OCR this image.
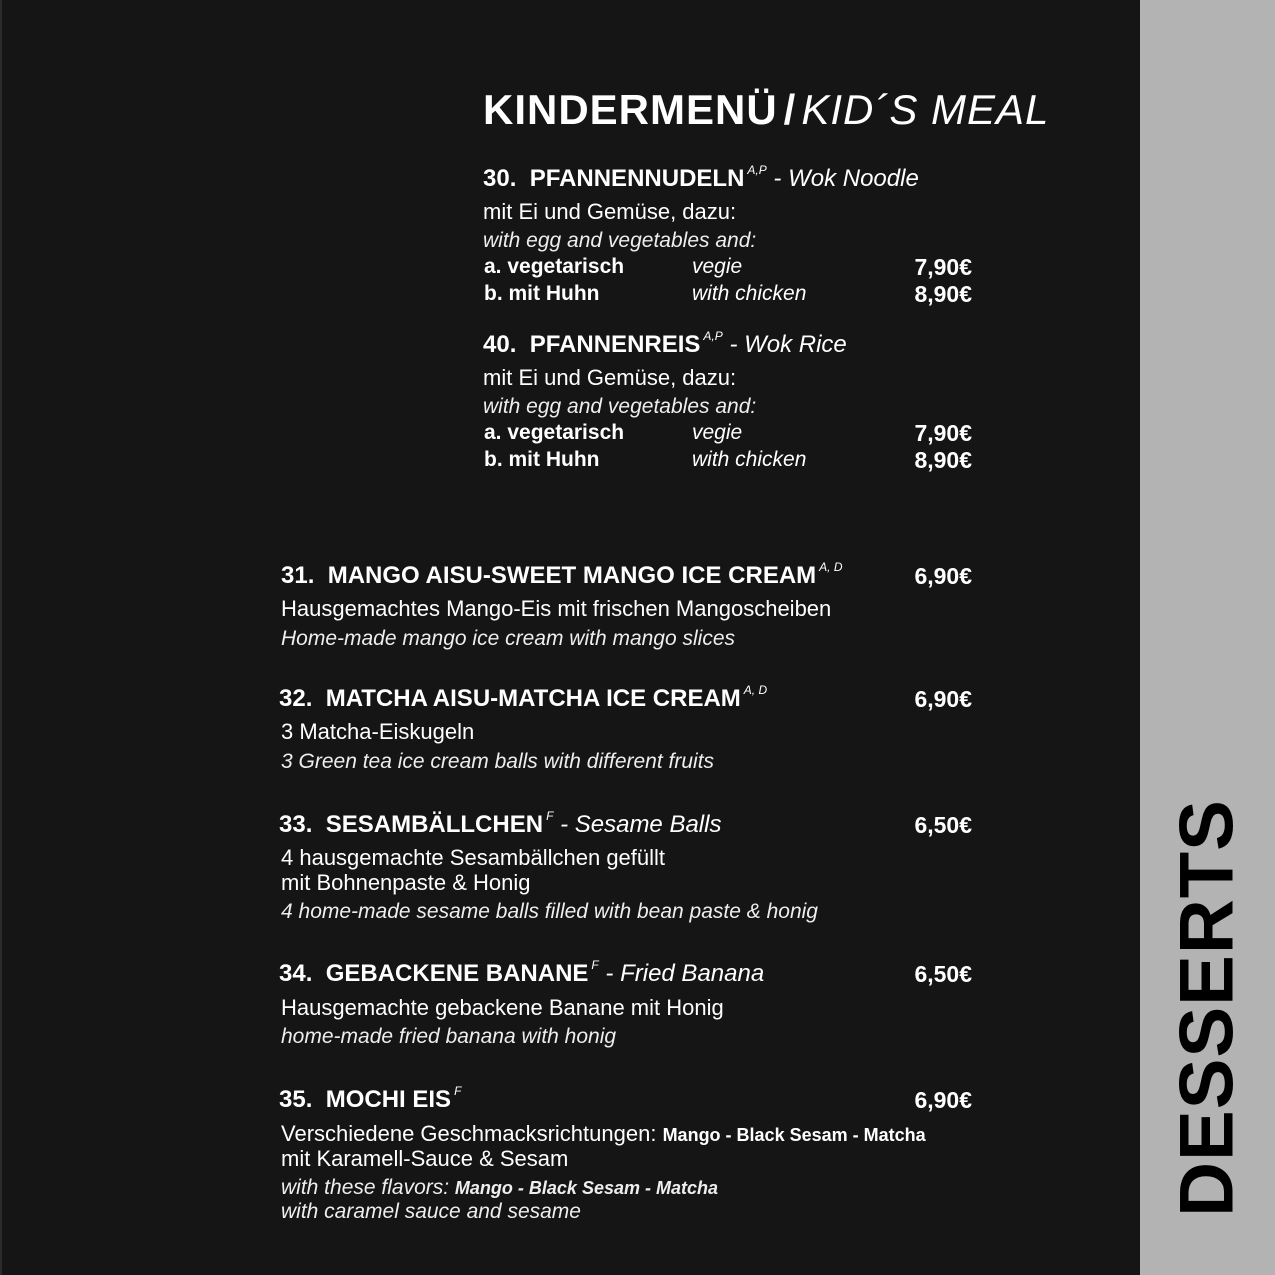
DESSERTS
KINDERMENÜ / KID´S MEAL
30. PFANNENNUDELN $^{A,P}$ - Wok Noodle
mit Ei und Gemüse, dazu:
with egg and vegetables and:
a. vegetarisch	vegie	7,90€
b. mit Huhn	with chicken	8,90€
40. PFANNENREIS $^{A,P}$ - Wok Rice
mit Ei und Gemüse, dazu:
with egg and vegetables and:
a. vegetarisch	vegie	7,90€
b. mit Huhn	with chicken	8,90€
31. MANGO AISU-SWEET MANGO ICE CREAM $^{A, D}$	6,90€
Hausgemachtes Mango-Eis mit frischen Mangoscheiben
Home-made mango ice cream with mango slices
32. MATCHA AISU-MATCHA ICE CREAM $^{A, D}$	6,90€
3 Matcha-Eiskugeln
3 Green tea ice cream balls with different fruits
33. SESAMBÄLLCHEN $^F$ - Sesame Balls	6,50€
4 hausgemachte Sesambällchen gefüllt
mit Bohnenpaste & Honig
4 home-made sesame balls filled with bean paste & honig
34. GEBACKENE BANANE $^F$ - Fried Banana	6,50€
Hausgemachte gebackene Banane mit Honig
home-made fried banana with honig
35. MOCHI EIS $^F$	6,90€
Verschiedene Geschmacksrichtungen: Mango - Black Sesam - Matcha
mit Karamell-Sauce & Sesam
with these flavors: Mango - Black Sesam - Matcha
with caramel sauce and sesame
